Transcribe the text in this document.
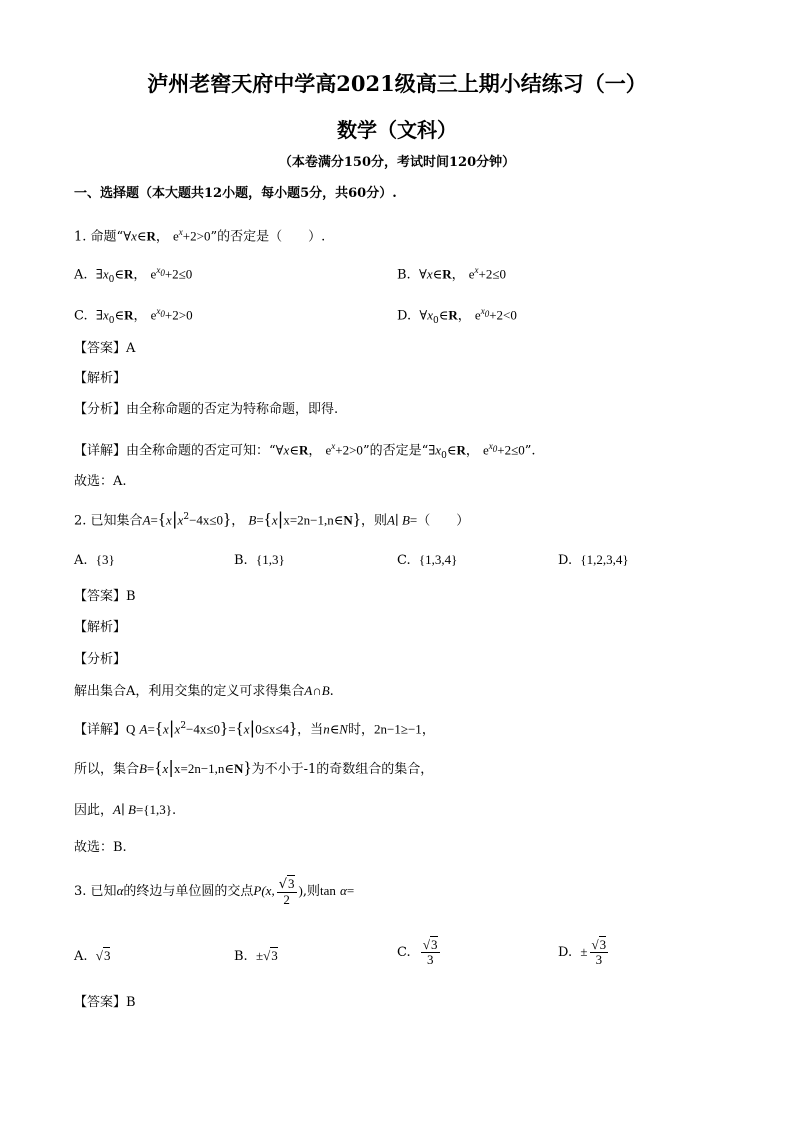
泸州老窖天府中学高2021级高三上期小结练习（一）
数学（文科）
（本卷满分150分，考试时间120分钟）
一、选择题（本大题共12小题，每小题5分，共60分）.
1. 命题“∀x∈R， $e^x+2>0$”的否定是（　　）.
A. $\exists x_0\in R$， $e^{x_0}+2\le 0$	B. ∀x∈R， $e^x+2\le 0$
C. $\exists x_0\in R$， $e^{x_0}+2>0$	D. $\forall x_0\in R$， $e^{x_0}+2<0$
【答案】A
【解析】
【分析】由全称命题的否定为特称命题，即得.
【详解】由全称命题的否定可知：“∀x∈R， $e^x+2>0$”的否定是“$\exists x_0\in R$， $e^{x_0}+2\le 0$”.
故选：A.
2. 已知集合$A=\{x|x^2-4x\le 0\}$， B={x|x=2n−1,n∈N}，则A∣ B=（　　）
A. {3}	B. {1,3}	C. {1,3,4}	D. {1,2,3,4}
【答案】B
【解析】
【分析】
解出集合A，利用交集的定义可求得集合A∩B.
【详解】Q $A=\{x|x^2-4x\le 0\}=\{x|0\le x\le 4\}$，当n∈N时，2n−1≥−1，
所以，集合B={x|x=2n−1,n∈N}为不小于-1的奇数组合的集合，
因此，A∣ B={1,3}.
故选：B.
3. 已知α的终边与单位圆的交点P(x, $\frac{√3}{2}$ ),则tan α=
A. √3	B. ±√3	C. $\frac{√3}{3}$	D. ± $\frac{√3}{3}$
【答案】B
